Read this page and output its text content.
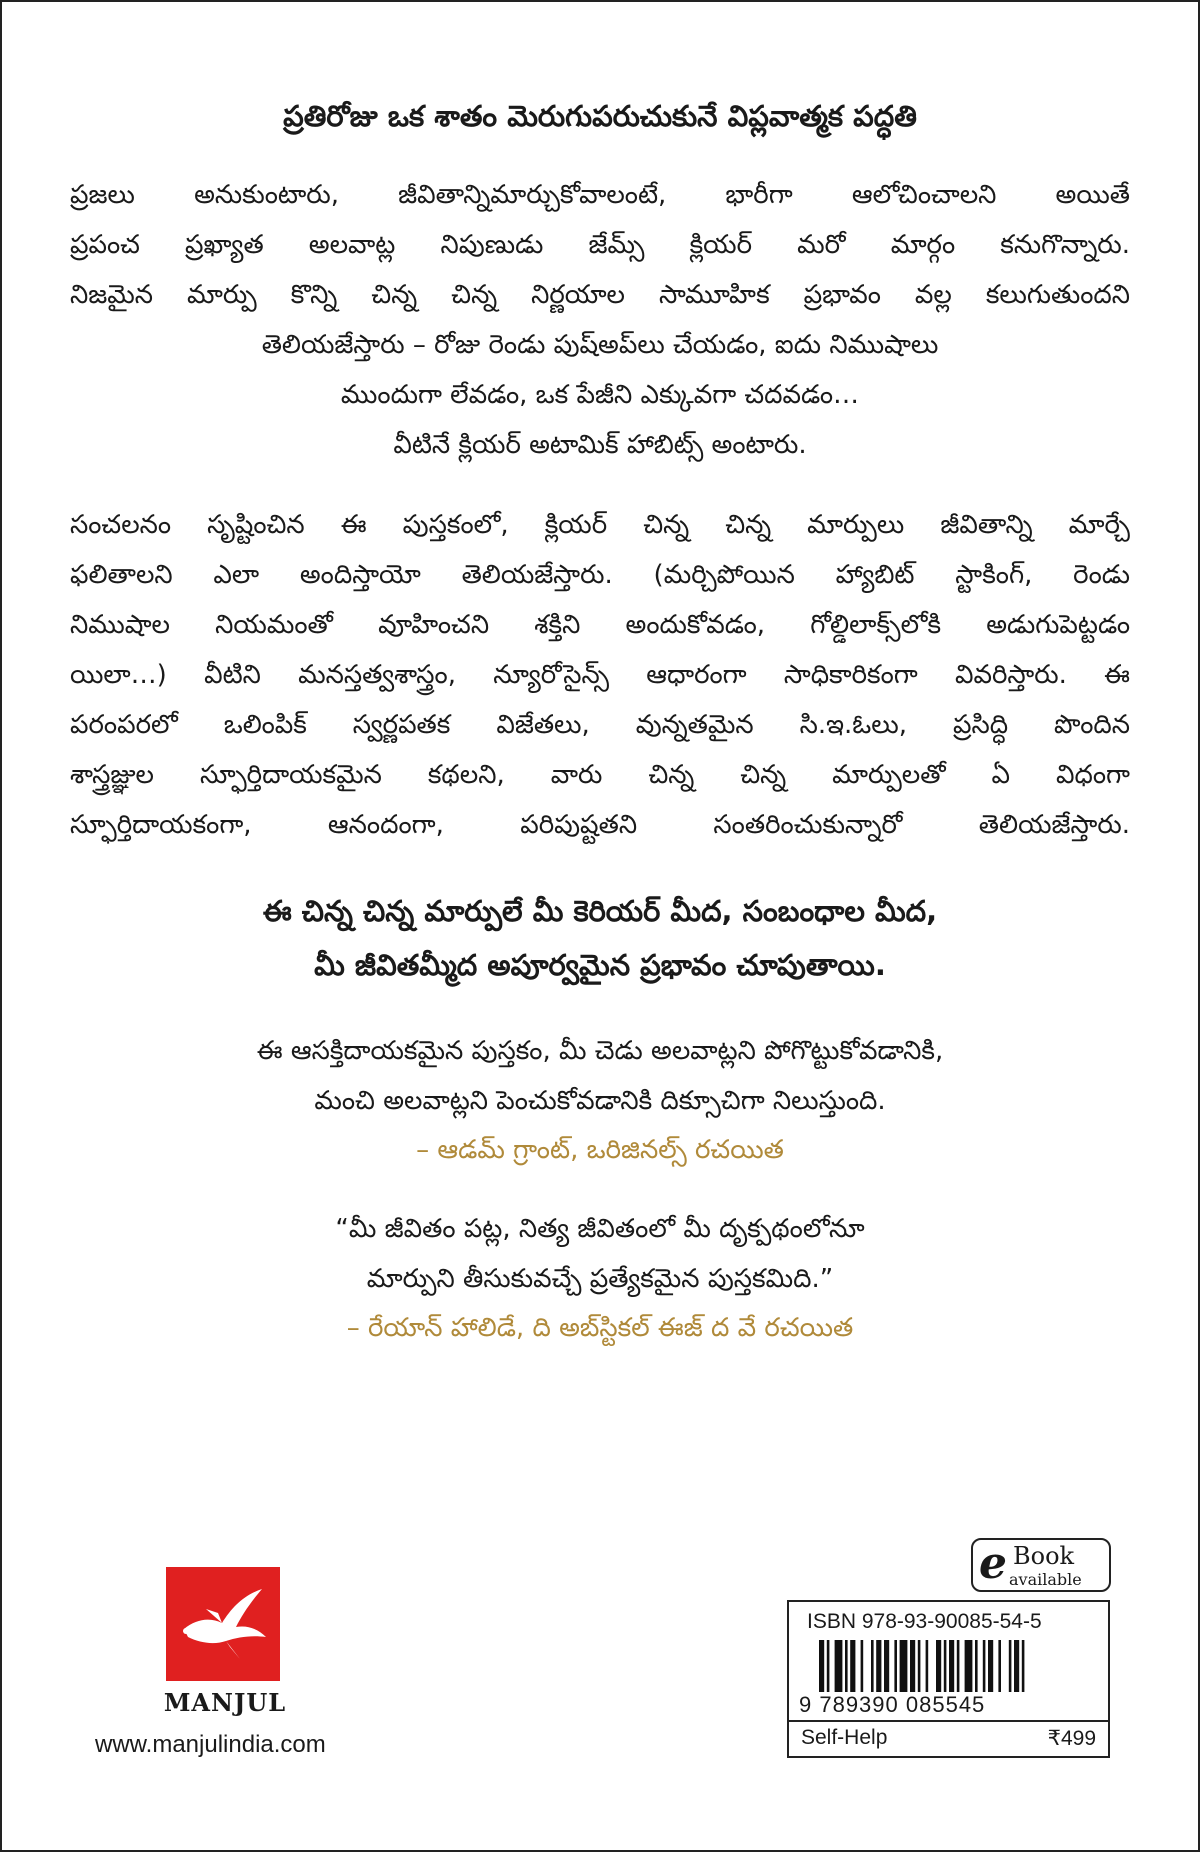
ప్రతిరోజు ఒక శాతం మెరుగుపరుచుకునే విప్లవాత్మక పద్ధతి
ప్రజలు అనుకుంటారు, జీవితాన్నిమార్చుకోవాలంటే, భారీగా ఆలోచించాలని అయితే
ప్రపంచ ప్రఖ్యాత అలవాట్ల నిపుణుడు జేమ్స్ క్లియర్ మరో మార్గం కనుగొన్నారు.
నిజమైన మార్పు కొన్ని చిన్న చిన్న నిర్ణయాల సామూహిక ప్రభావం వల్ల కలుగుతుందని
తెలియజేస్తారు – రోజు రెండు పుష్‌అప్‌లు చేయడం, ఐదు నిముషాలు
ముందుగా లేవడం, ఒక పేజీని ఎక్కువగా చదవడం…
వీటినే క్లియర్ అటామిక్ హాబిట్స్ అంటారు.
సంచలనం సృష్టించిన ఈ పుస్తకంలో, క్లియర్ చిన్న చిన్న మార్పులు జీవితాన్ని మార్చే
ఫలితాలని ఎలా అందిస్తాయో తెలియజేస్తారు. (మర్చిపోయిన హ్యాబిట్ స్టాకింగ్, రెండు
నిముషాల నియమంతో వూహించని శక్తిని అందుకోవడం, గోల్డిలాక్స్‌లోకి అడుగుపెట్టడం
యిలా…) వీటిని మనస్తత్వశాస్త్రం, న్యూరోసైన్స్ ఆధారంగా సాధికారికంగా వివరిస్తారు. ఈ
పరంపరలో ఒలింపిక్ స్వర్ణపతక విజేతలు, వున్నతమైన సి.ఇ.ఓలు, ప్రసిద్ధి పొందిన
శాస్త్రజ్ఞుల స్ఫూర్తిదాయకమైన కథలని, వారు చిన్న చిన్న మార్పులతో ఏ విధంగా
స్ఫూర్తిదాయకంగా, ఆనందంగా, పరిపుష్టతని సంతరించుకున్నారో తెలియజేస్తారు.
ఈ చిన్న చిన్న మార్పులే మీ కెరియర్ మీద, సంబంధాల మీద,
మీ జీవితమ్మీద అపూర్వమైన ప్రభావం చూపుతాయి.
ఈ ఆసక్తిదాయకమైన పుస్తకం, మీ చెడు అలవాట్లని పోగొట్టుకోవడానికి,
మంచి అలవాట్లని పెంచుకోవడానికి దిక్సూచిగా నిలుస్తుంది.
– ఆడమ్ గ్రాంట్, ఒరిజినల్స్ రచయిత
“మీ జీవితం పట్ల, నిత్య జీవితంలో మీ దృక్పథంలోనూ
మార్పుని తీసుకువచ్చే ప్రత్యేకమైన పుస్తకమిది.”
– రేయాన్ హాలిడే, ది అబ్‌స్టికల్ ఈజ్ ద వే రచయిత
MANJUL
www.manjulindia.com
e Book
available
ISBN 978-93-90085-54-5
9 789390 085545
Self-Help	₹499
